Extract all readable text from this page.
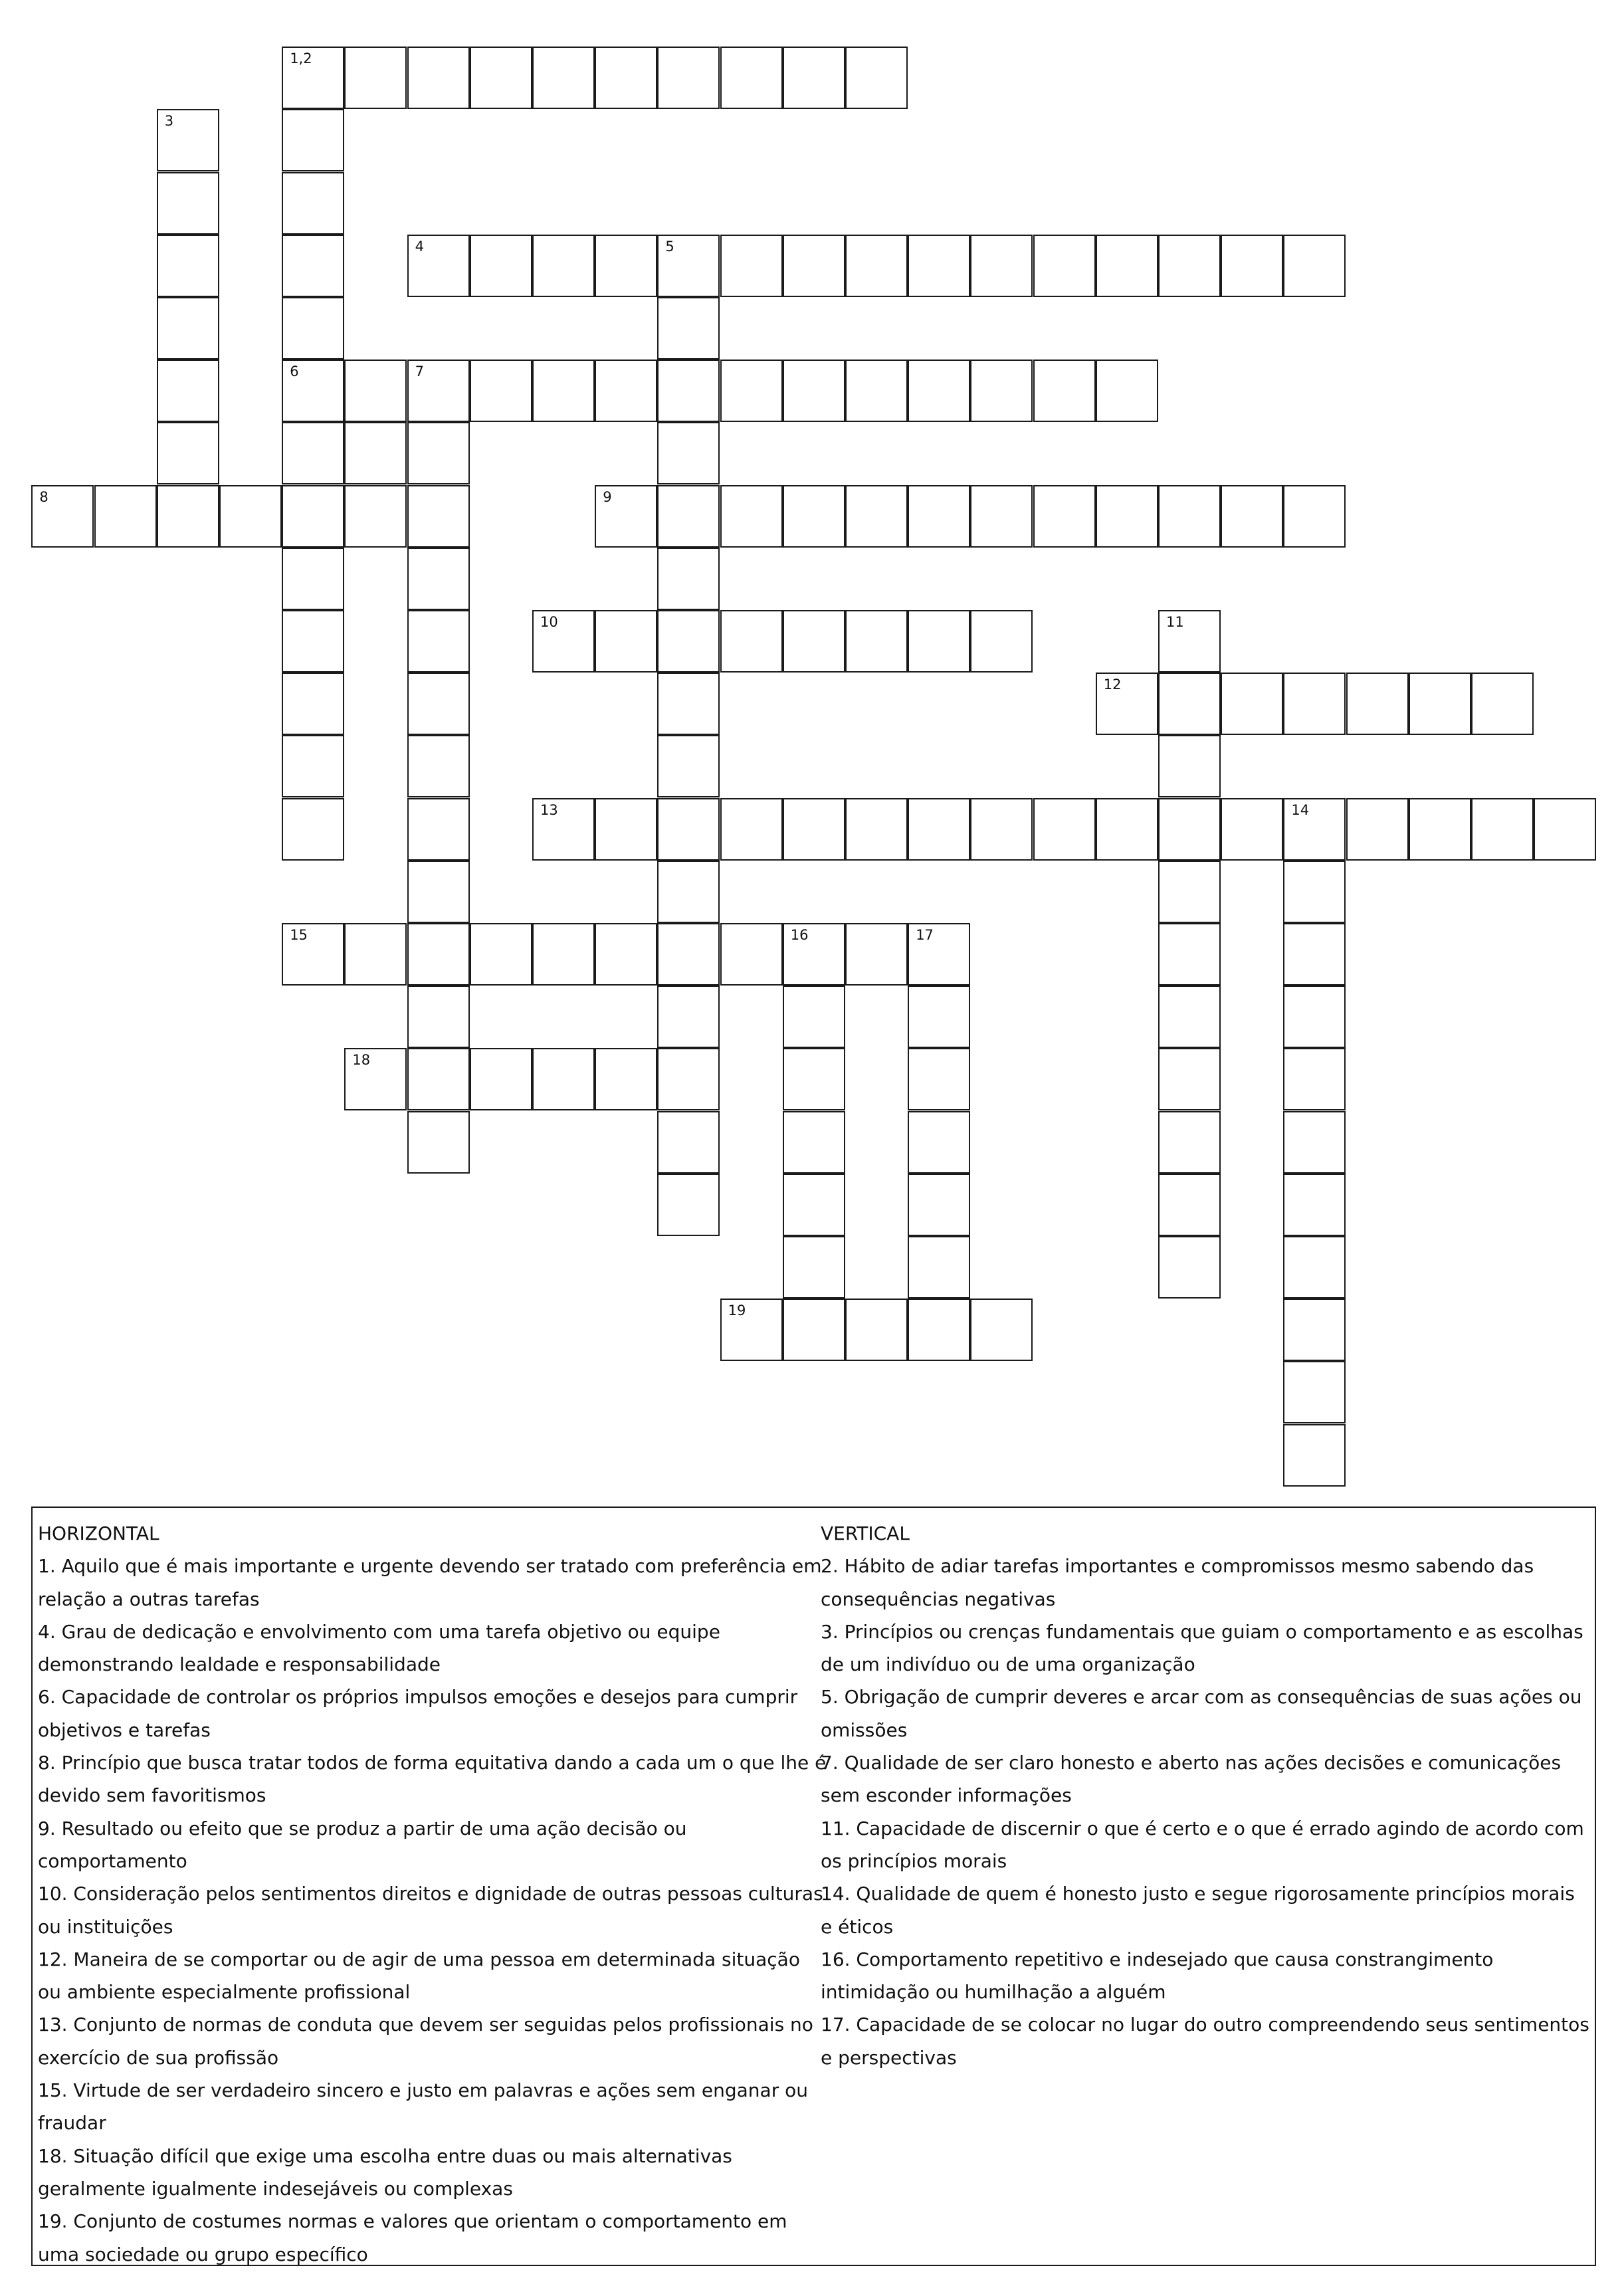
1,2
3
4	5
6	7
8	9
10	11
12
13	14
15	16	17
18
19
HORIZONTAL
1. Aquilo que é mais importante e urgente devendo ser tratado com preferência em relação a outras tarefas
4. Grau de dedicação e envolvimento com uma tarefa objetivo ou equipe demonstrando lealdade e responsabilidade
6. Capacidade de controlar os próprios impulsos emoções e desejos para cumprir objetivos e tarefas
8. Princípio que busca tratar todos de forma equitativa dando a cada um o que lhe é devido sem favoritismos
9. Resultado ou efeito que se produz a partir de uma ação decisão ou comportamento
10. Consideração pelos sentimentos direitos e dignidade de outras pessoas culturas ou instituições
12. Maneira de se comportar ou de agir de uma pessoa em determinada situação ou ambiente especialmente profissional
13. Conjunto de normas de conduta que devem ser seguidas pelos profissionais no exercício de sua profissão
15. Virtude de ser verdadeiro sincero e justo em palavras e ações sem enganar ou fraudar
18. Situação difícil que exige uma escolha entre duas ou mais alternativas geralmente igualmente indesejáveis ou complexas
19. Conjunto de costumes normas e valores que orientam o comportamento em uma sociedade ou grupo específico
VERTICAL
2. Hábito de adiar tarefas importantes e compromissos mesmo sabendo das consequências negativas
3. Princípios ou crenças fundamentais que guiam o comportamento e as escolhas de um indivíduo ou de uma organização
5. Obrigação de cumprir deveres e arcar com as consequências de suas ações ou omissões
7. Qualidade de ser claro honesto e aberto nas ações decisões e comunicações sem esconder informações
11. Capacidade de discernir o que é certo e o que é errado agindo de acordo com os princípios morais
14. Qualidade de quem é honesto justo e segue rigorosamente princípios morais e éticos
16. Comportamento repetitivo e indesejado que causa constrangimento intimidação ou humilhação a alguém
17. Capacidade de se colocar no lugar do outro compreendendo seus sentimentos e perspectivas
